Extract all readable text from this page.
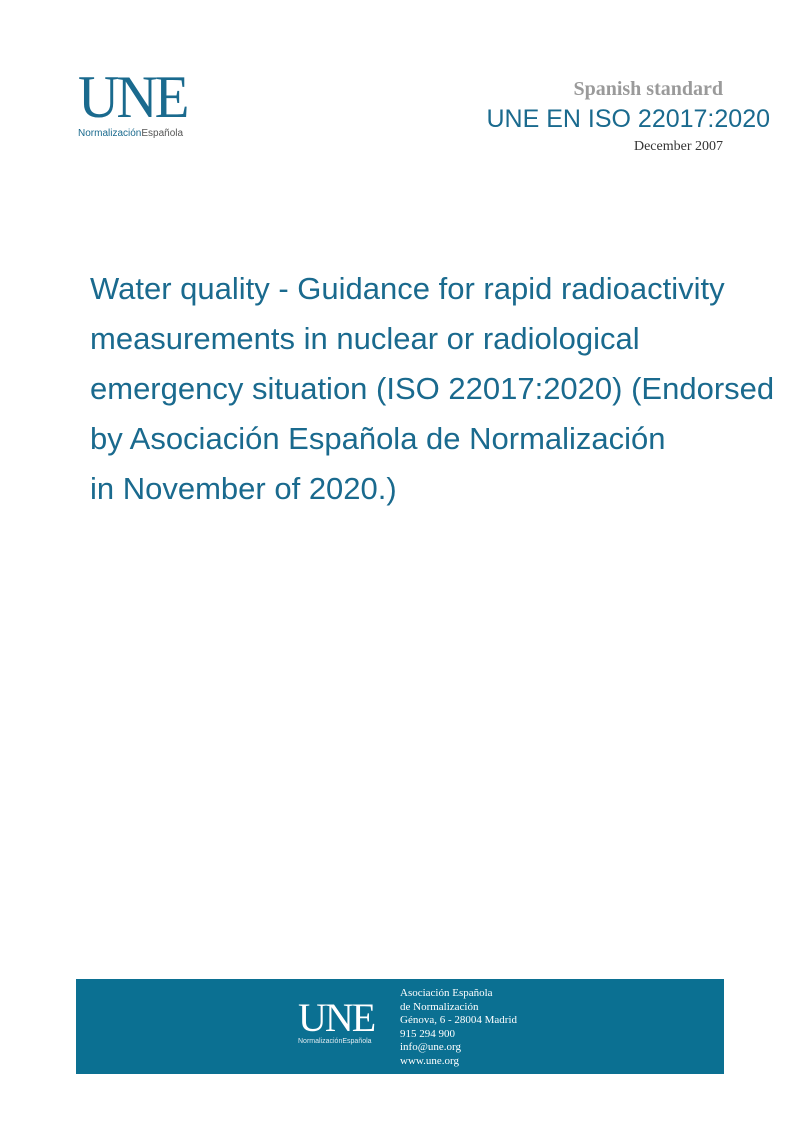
UNE
NormalizaciónEspañola
Spanish standard
UNE EN ISO 22017:2020
December 2007
Water quality - Guidance for rapid radioactivity
measurements in nuclear or radiological
emergency situation (ISO 22017:2020) (Endorsed
by Asociación Española de Normalización
in November of 2020.)
UNE
NormalizaciónEspañola
Asociación Española
de Normalización
Génova, 6 - 28004 Madrid
915 294 900
info@une.org
www.une.org
